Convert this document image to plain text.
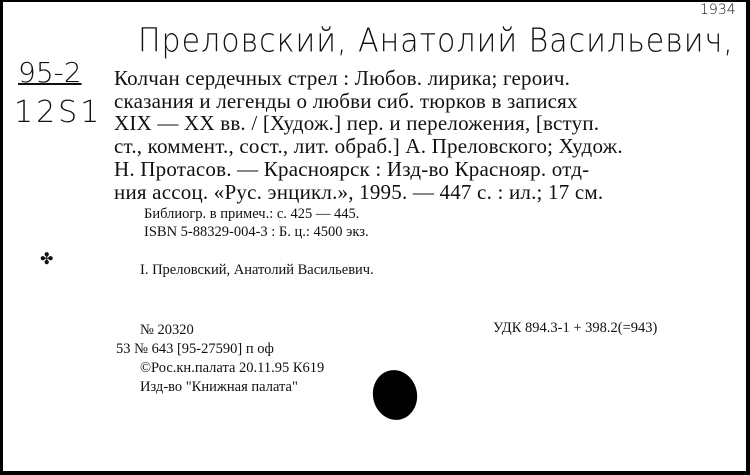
1934
Преловский, Анатолий Васильевич,
95-2
12S1
Колчан сердечных стрел : Любов. лирика; героич.
сказания и легенды о любви сиб. тюрков в записях
XIX — XX вв. / [Худож.] пер. и переложения, [вступ.
ст., коммент., сост., лит. обраб.] А. Преловского; Худож.
Н. Протасов. — Красноярск : Изд-во Краснояр. отд-
ния ассоц. «Рус. энцикл.», 1995. — 447 с. : ил.; 17 см.
Библиогр. в примеч.: с. 425 — 445.
ISBN 5-88329-004-3 : Б. ц.: 4500 экз.
✤
I. Преловский, Анатолий Васильевич.
№ 20320	УДК 894.3-1 + 398.2(=943)
53 № 643 [95-27590] п оф
©Рос.кн.палата 20.11.95 К619
Изд-во "Книжная палата"
